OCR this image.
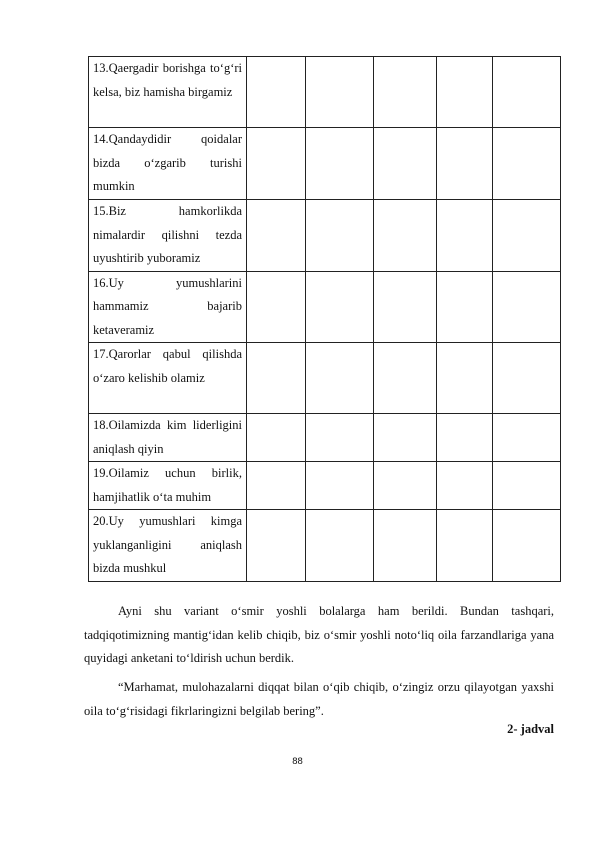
13.Qaergadir borishga to‘g‘ri kelsa, biz hamisha birgamiz					
14.Qandaydidir qoidalar bizda o‘zgarib turishi mumkin					
15.Biz hamkorlikda nimalardir qilishni tezda uyushtirib yuboramiz					
16.Uy yumushlarini hammamiz bajarib ketaveramiz					
17.Qarorlar qabul qilishda o‘zaro kelishib olamiz					
18.Oilamizda kim liderligini aniqlash qiyin					
19.Oilamiz uchun birlik, hamjihatlik o‘ta muhim					
20.Uy yumushlari kimga yuklanganligini aniqlash bizda mushkul					

Ayni shu variant o‘smir yoshli bolalarga ham berildi. Bundan tashqari, tadqiqotimizning mantig‘idan kelib chiqib, biz o‘smir yoshli noto‘liq oila farzandlariga yana quyidagi anketani to‘ldirish uchun berdik.

“Marhamat, mulohazalarni diqqat bilan o‘qib chiqib, o‘zingiz orzu qilayotgan yaxshi oila to‘g‘risidagi fikrlaringizni belgilab bering”.

2- jadval
88
